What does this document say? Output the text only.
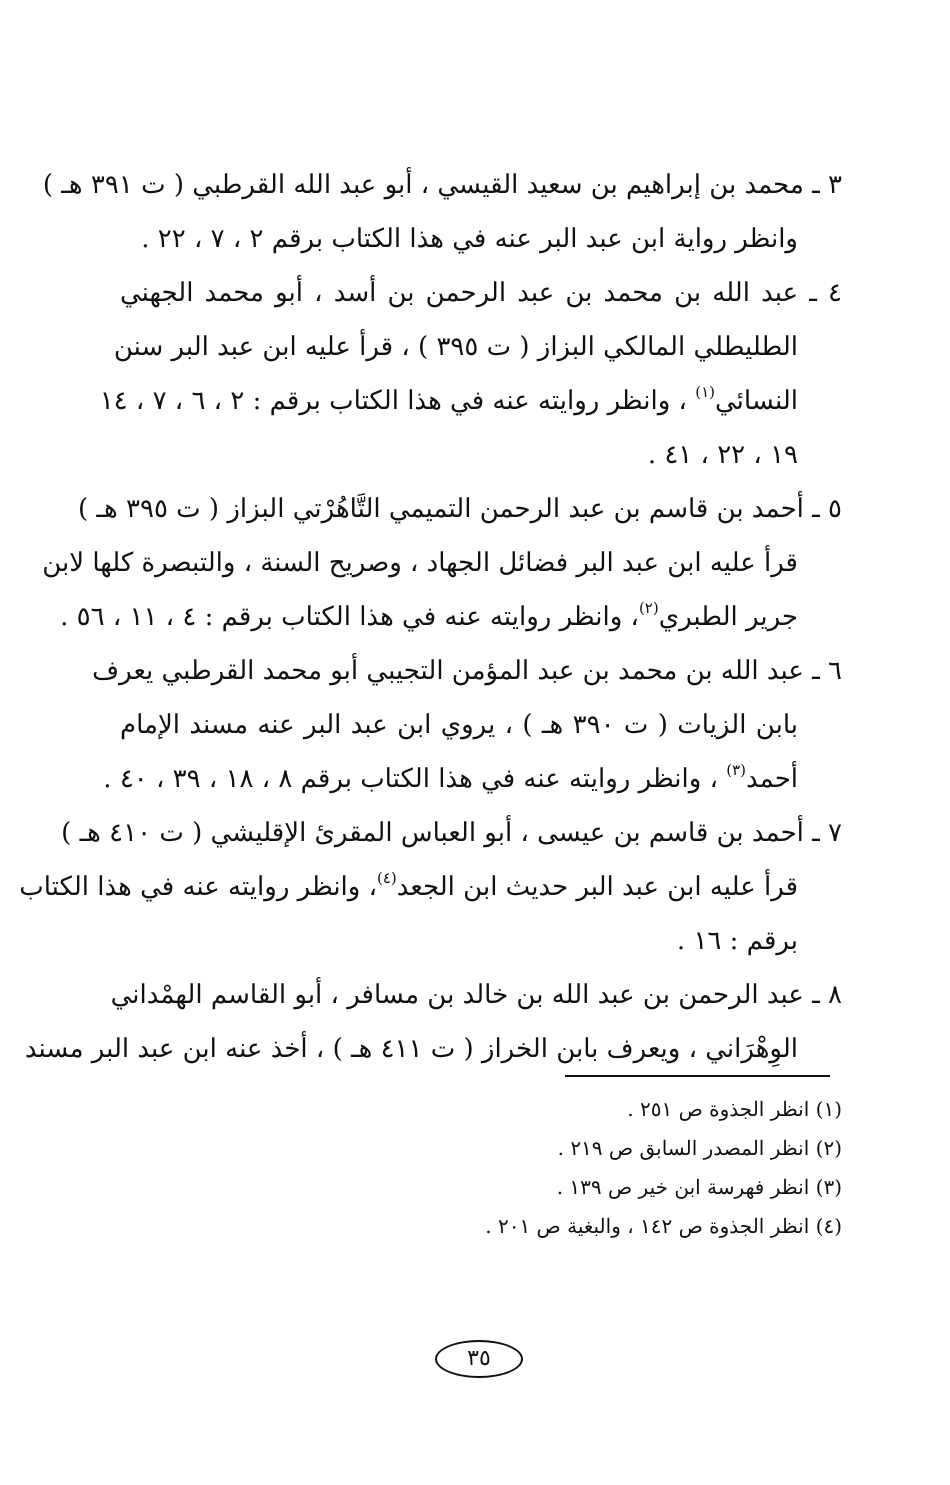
٣ ـ محمد بن إبراهيم بن سعيد القيسي ، أبو عبد الله القرطبي ( ت ٣٩١ هـ )
وانظر رواية ابن عبد البر عنه في هذا الكتاب برقم ٢ ، ٧ ، ٢٢ .
٤ ـ عبد الله بن محمد بن عبد الرحمن بن أسد ، أبو محمد الجهني
الطليطلي المالكي البزاز ( ت ٣٩٥ ) ، قرأ عليه ابن عبد البر سنن
النسائي$^{(١)}$ ، وانظر روايته عنه في هذا الكتاب برقم : ٢ ، ٦ ، ٧ ، ١٤
١٩ ، ٢٢ ، ٤١ .
٥ ـ أحمد بن قاسم بن عبد الرحمن التميمي التَّاهُرْتي البزاز ( ت ٣٩٥ هـ )
قرأ عليه ابن عبد البر فضائل الجهاد ، وصريح السنة ، والتبصرة كلها لابن
جرير الطبري$^{(٢)}$، وانظر روايته عنه في هذا الكتاب برقم : ٤ ، ١١ ، ٥٦ .
٦ ـ عبد الله بن محمد بن عبد المؤمن التجيبي أبو محمد القرطبي يعرف
بابن الزيات ( ت ٣٩٠ هـ ) ، يروي ابن عبد البر عنه مسند الإمام
أحمد$^{(٣)}$ ، وانظر روايته عنه في هذا الكتاب برقم ٨ ، ١٨ ، ٣٩ ، ٤٠ .
٧ ـ أحمد بن قاسم بن عيسى ، أبو العباس المقرئ الإقليشي ( ت ٤١٠ هـ )
قرأ عليه ابن عبد البر حديث ابن الجعد$^{(٤)}$، وانظر روايته عنه في هذا الكتاب
برقم : ١٦ .
٨ ـ عبد الرحمن بن عبد الله بن خالد بن مسافر ، أبو القاسم الهمْداني
الوِهْرَاني ، ويعرف بابن الخراز ( ت ٤١١ هـ ) ، أخذ عنه ابن عبد البر مسند
(١) انظر الجذوة ص ٢٥١ .
(٢) انظر المصدر السابق ص ٢١٩ .
(٣) انظر فهرسة ابن خير ص ١٣٩ .
(٤) انظر الجذوة ص ١٤٢ ، والبغية ص ٢٠١ .
٣٥
